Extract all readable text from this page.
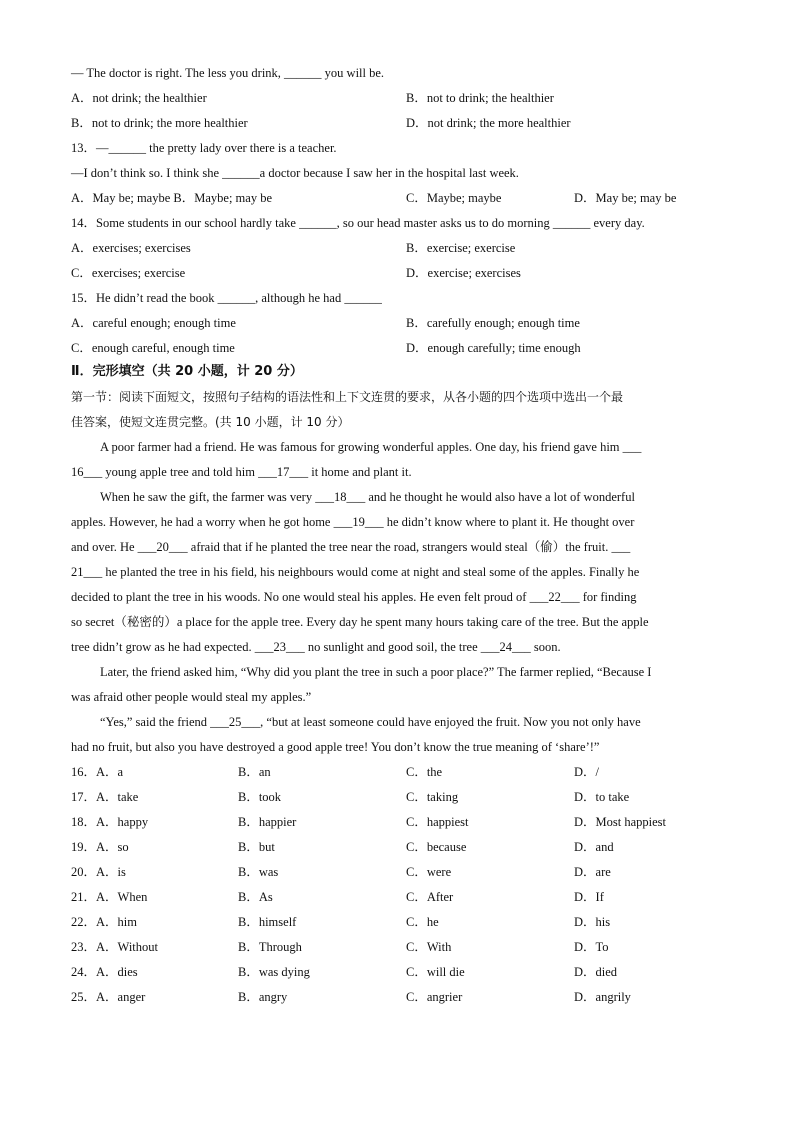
— The doctor is right. The less you drink, ______ you will be.
A．not drink; the healthier	B．not to drink; the healthier
B．not to drink; the more healthier	D．not drink; the more healthier
13．—______ the pretty lady over there is a teacher.
—I don’t think so. I think she ______a doctor because I saw her in the hospital last week.
A．May be; maybe B．Maybe; may be	C．Maybe; maybe	D．May be; may be
14．Some students in our school hardly take ______, so our head master asks us to do morning ______ every day.
A．exercises; exercises	B．exercise; exercise
C．exercises; exercise	D．exercise; exercises
15．He didn’t read the book ______, although he had ______
A．careful enough; enough time	B．carefully enough; enough time
C．enough careful, enough time	D．enough carefully; time enough
Ⅱ．完形填空（共 20 小题，计 20 分）
第一节：阅读下面短文，按照句子结构的语法性和上下文连贯的要求，从各小题的四个选项中选出一个最
佳答案，使短文连贯完整。(共 10 小题，计 10 分）
A poor farmer had a friend. He was famous for growing wonderful apples. One day, his friend gave him ___
16___ young apple tree and told him ___17___ it home and plant it.
When he saw the gift, the farmer was very ___18___ and he thought he would also have a lot of wonderful
apples. However, he had a worry when he got home ___19___ he didn’t know where to plant it. He thought over
and over. He ___20___ afraid that if he planted the tree near the road, strangers would steal（偷）the fruit. ___
21___ he planted the tree in his field, his neighbours would come at night and steal some of the apples. Finally he
decided to plant the tree in his woods. No one would steal his apples. He even felt proud of ___22___ for finding
so secret（秘密的）a place for the apple tree. Every day he spent many hours taking care of the tree. But the apple
tree didn’t grow as he had expected. ___23___ no sunlight and good soil, the tree ___24___ soon.
Later, the friend asked him, “Why did you plant the tree in such a poor place?” The farmer replied, “Because I
was afraid other people would steal my apples.”
“Yes,” said the friend ___25___, “but at least someone could have enjoyed the fruit. Now you not only have
had no fruit, but also you have destroyed a good apple tree! You don’t know the true meaning of ‘share’!”
16．A．a	B．an	C．the	D．/
17．A．take	B．took	C．taking	D．to take
18．A．happy	B．happier	C．happiest	D．Most happiest
19．A．so	B．but	C．because	D．and
20．A．is	B．was	C．were	D．are
21．A．When	B．As	C．After	D．If
22．A．him	B．himself	C．he	D．his
23．A．Without	B．Through	C．With	D．To
24．A．dies	B．was dying	C．will die	D．died
25．A．anger	B．angry	C．angrier	D．angrily
